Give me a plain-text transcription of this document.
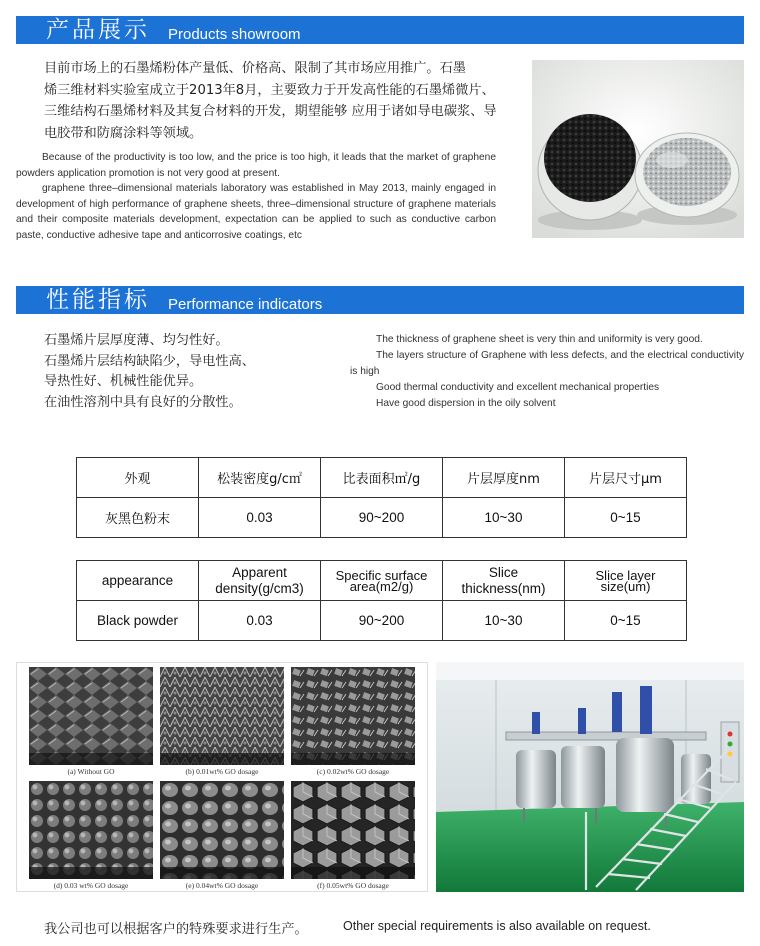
产品展示 Products showroom
目前市场上的石墨烯粉体产量低、价格高、限制了其市场应用推广。石墨
烯三维材料实验室成立于2013年8月，主要致力于开发高性能的石墨烯微片、
三维结构石墨烯材料及其复合材料的开发，期望能够 应用于诸如导电碳浆、导
电胶带和防腐涂料等领域。

Because of the productivity is too low, and the price is too high, it leads that the market of graphene powders application promotion is not very good at present.

graphene three–dimensional materials laboratory was established in May 2013, mainly engaged in development of high performance of graphene sheets, three–dimensional structure of graphene materials and their composite materials development, expectation can be applied to such as conductive carbon paste, conductive adhesive tape and anticorrosive coatings, etc

性能指标 Performance indicators
石墨烯片层厚度薄、均匀性好。
石墨烯片层结构缺陷少，导电性高、
导热性好、机械性能优异。
在油性溶剂中具有良好的分散性。

The thickness of graphene sheet is very thin and uniformity is very good.

The layers structure of Graphene with less defects, and the electrical conductivity is high

Good thermal conductivity and excellent mechanical properties

Have good dispersion in the oily solvent

外观	松装密度g/c㎡	比表面积㎡/g	片层厚度nm	片层尺寸μm
灰黑色粉末	0.03	90~200	10~30	0~15
appearance	Apparent density(g/cm3)	Specific surface area(m2/g)	Slice thickness(nm)	Slice layer size(um)
Black powder	0.03	90~200	10~30	0~15
(a) Without GO	(b) 0.01wt% GO dosage	(c) 0.02wt% GO dosage
(d) 0.03 wt% GO dosage	(e) 0.04wt% GO dosage	(f) 0.05wt% GO dosage
我公司也可以根据客户的特殊要求进行生产。	Other special requirements is also available on request.
